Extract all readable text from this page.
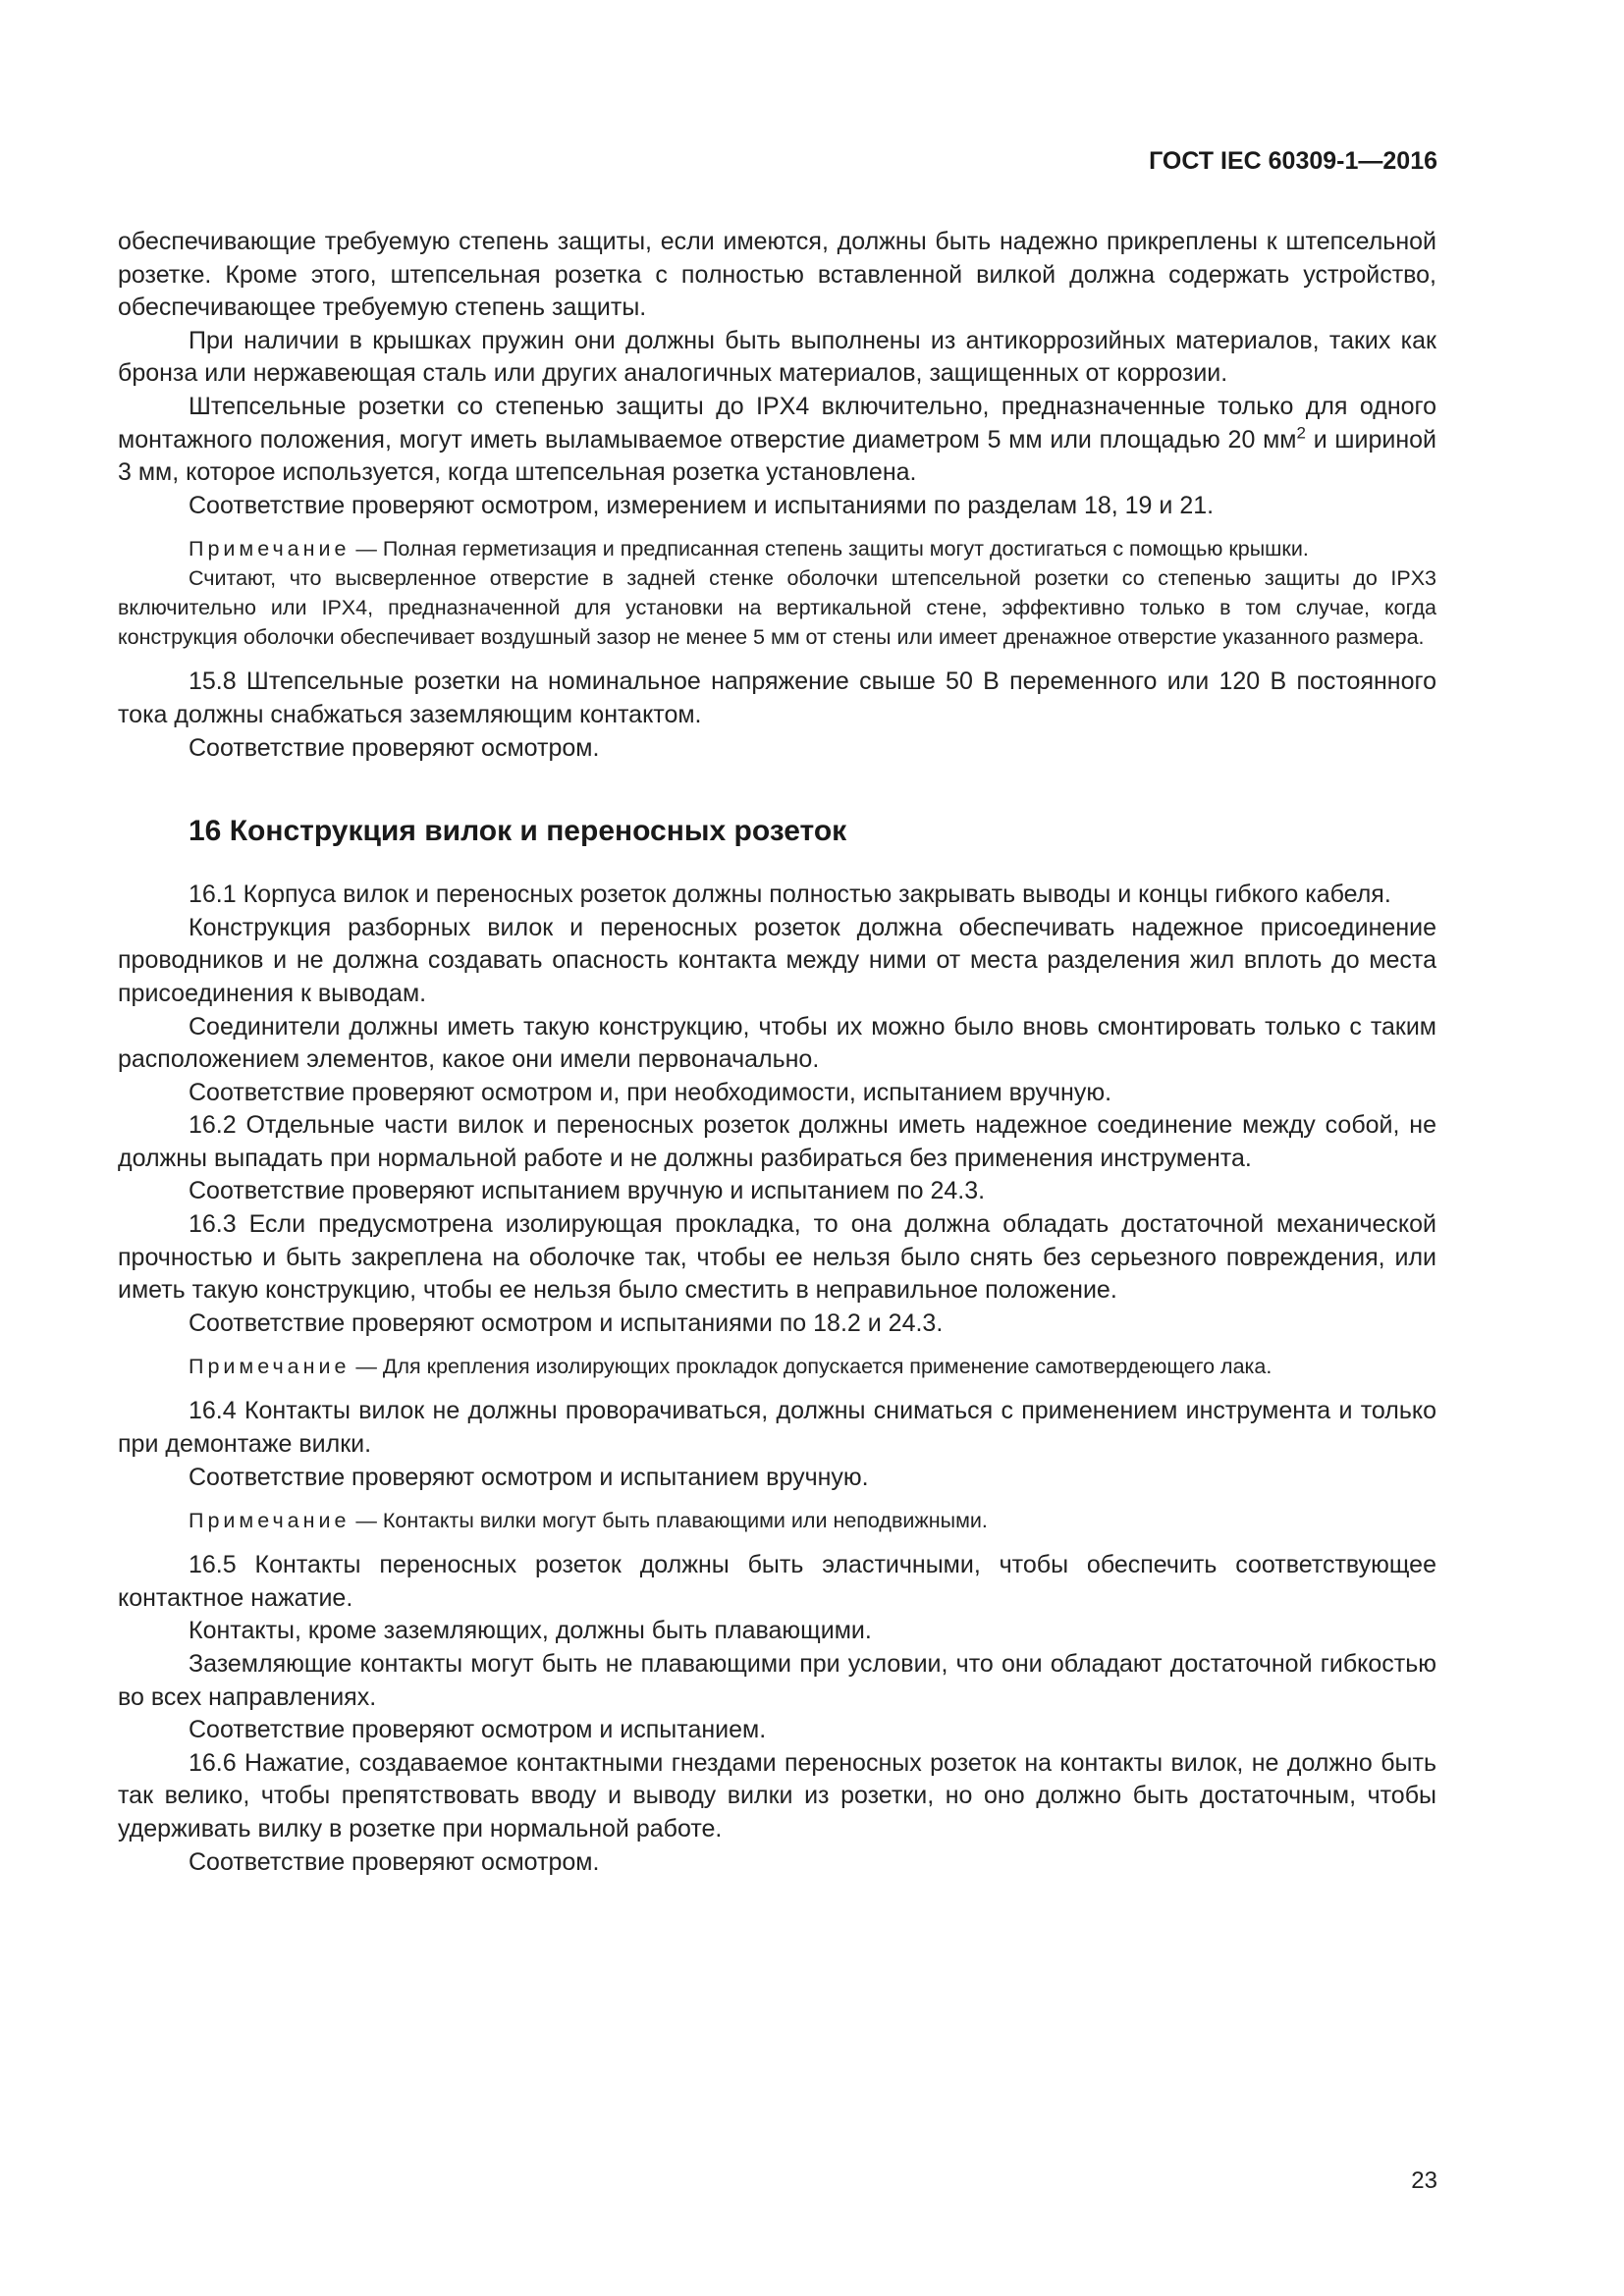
ГОСТ IEC 60309-1—2016

обеспечивающие требуемую степень защиты, если имеются, должны быть надежно прикреплены к штепсельной розетке. Кроме этого, штепсельная розетка с полностью вставленной вилкой должна содержать устройство, обеспечивающее требуемую степень защиты.

При наличии в крышках пружин они должны быть выполнены из антикоррозийных материалов, таких как бронза или нержавеющая сталь или других аналогичных материалов, защищенных от коррозии.

Штепсельные розетки со степенью защиты до IPX4 включительно, предназначенные только для одного монтажного положения, могут иметь выламываемое отверстие диаметром 5 мм или площадью 20 $мм^2$ и шириной 3 мм, которое используется, когда штепсельная розетка установлена.

Соответствие проверяют осмотром, измерением и испытаниями по разделам 18, 19 и 21.

Примечание — Полная герметизация и предписанная степень защиты могут достигаться с помощью крышки.

Считают, что высверленное отверстие в задней стенке оболочки штепсельной розетки со степенью защиты до IPX3 включительно или IPX4, предназначенной для установки на вертикальной стене, эффективно только в том случае, когда конструкция оболочки обеспечивает воздушный зазор не менее 5 мм от стены или имеет дренажное отверстие указанного размера.

15.8 Штепсельные розетки на номинальное напряжение свыше 50 В переменного или 120 В постоянного тока должны снабжаться заземляющим контактом.

Соответствие проверяют осмотром.

16 Конструкция вилок и переносных розеток

16.1 Корпуса вилок и переносных розеток должны полностью закрывать выводы и концы гибкого кабеля.

Конструкция разборных вилок и переносных розеток должна обеспечивать надежное присоединение проводников и не должна создавать опасность контакта между ними от места разделения жил вплоть до места присоединения к выводам.

Соединители должны иметь такую конструкцию, чтобы их можно было вновь смонтировать только с таким расположением элементов, какое они имели первоначально.

Соответствие проверяют осмотром и, при необходимости, испытанием вручную.

16.2 Отдельные части вилок и переносных розеток должны иметь надежное соединение между собой, не должны выпадать при нормальной работе и не должны разбираться без применения инструмента.

Соответствие проверяют испытанием вручную и испытанием по 24.3.

16.3 Если предусмотрена изолирующая прокладка, то она должна обладать достаточной механической прочностью и быть закреплена на оболочке так, чтобы ее нельзя было снять без серьезного повреждения, или иметь такую конструкцию, чтобы ее нельзя было сместить в неправильное положение.

Соответствие проверяют осмотром и испытаниями по 18.2 и 24.3.

Примечание — Для крепления изолирующих прокладок допускается применение самотвердеющего лака.

16.4 Контакты вилок не должны проворачиваться, должны сниматься с применением инструмента и только при демонтаже вилки.

Соответствие проверяют осмотром и испытанием вручную.

Примечание — Контакты вилки могут быть плавающими или неподвижными.

16.5 Контакты переносных розеток должны быть эластичными, чтобы обеспечить соответствующее контактное нажатие.

Контакты, кроме заземляющих, должны быть плавающими.

Заземляющие контакты могут быть не плавающими при условии, что они обладают достаточной гибкостью во всех направлениях.

Соответствие проверяют осмотром и испытанием.

16.6 Нажатие, создаваемое контактными гнездами переносных розеток на контакты вилок, не должно быть так велико, чтобы препятствовать вводу и выводу вилки из розетки, но оно должно быть достаточным, чтобы удерживать вилку в розетке при нормальной работе.

Соответствие проверяют осмотром.

23
